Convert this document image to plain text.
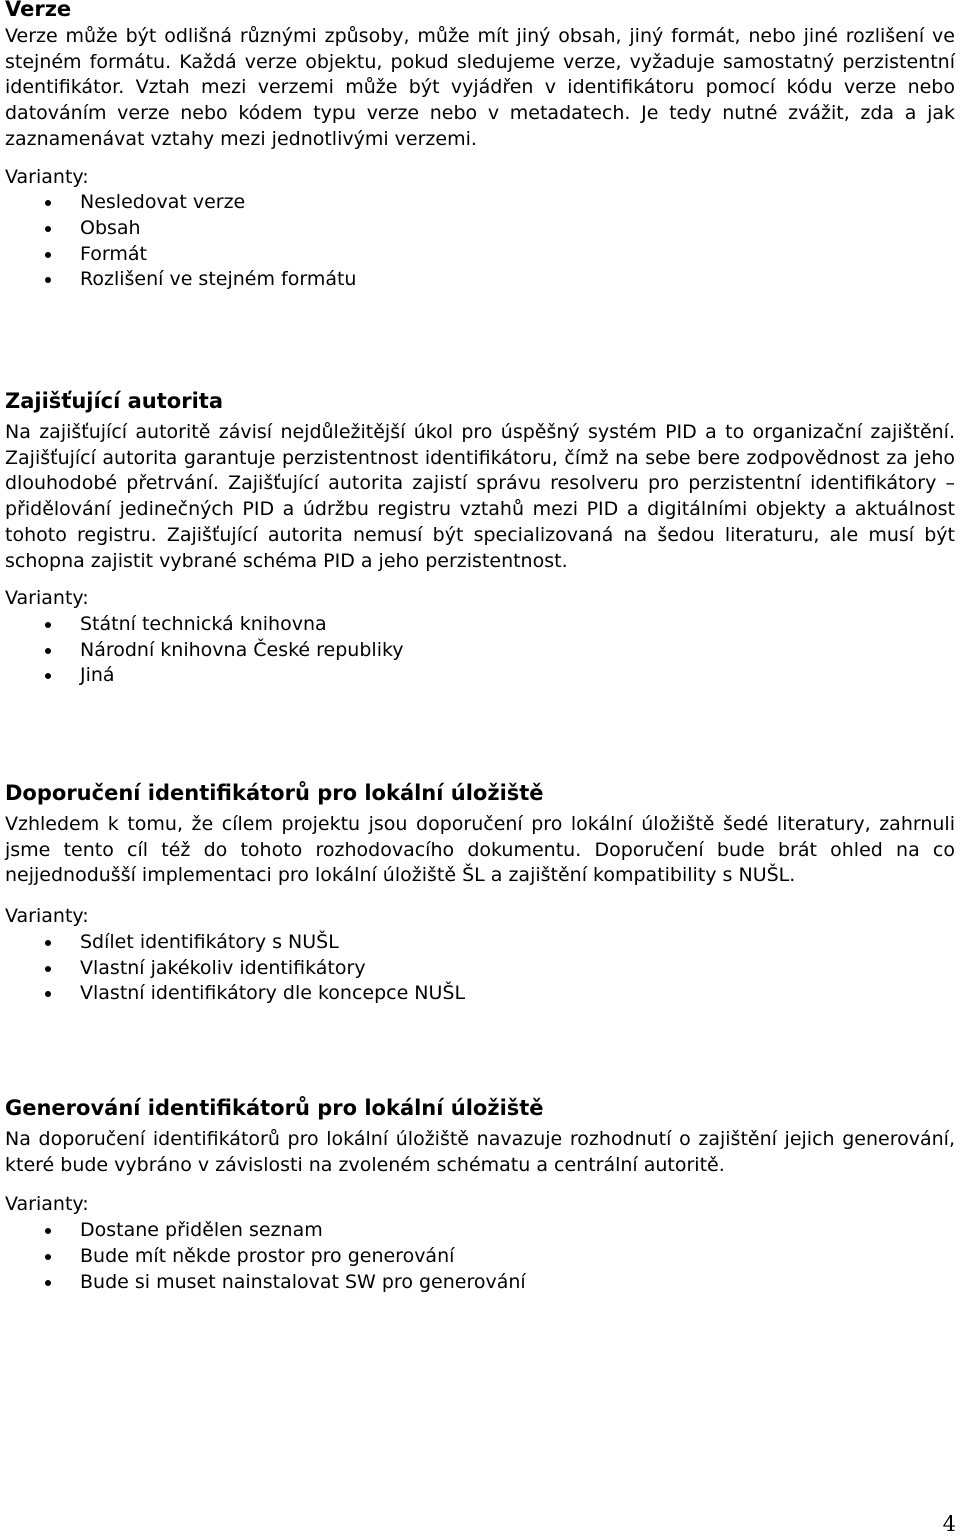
Verze

Verze může být odlišná různými způsoby, může mít jiný obsah, jiný formát, nebo jiné rozlišení ve stejném formátu. Každá verze objektu, pokud sledujeme verze, vyžaduje samostatný perzistentní identifikátor. Vztah mezi verzemi může být vyjádřen v identifikátoru pomocí kódu verze nebo datováním verze nebo kódem typu verze nebo v metadatech. Je tedy nutné zvážit, zda a jak zaznamenávat vztahy mezi jednotlivými verzemi.

Varianty:
Nesledovat verze
Obsah
Formát
Rozlišení ve stejném formátu
Zajišťující autorita

Na zajišťující autoritě závisí nejdůležitější úkol pro úspěšný systém PID a to organizační zajištění. Zajišťující autorita garantuje perzistentnost identifikátoru, čímž na sebe bere zodpovědnost za jeho dlouhodobé přetrvání. Zajišťující autorita zajistí správu resolveru pro perzistentní identifikátory – přidělování jedinečných PID a údržbu registru vztahů mezi PID a digitálními objekty a aktuálnost tohoto registru. Zajišťující autorita nemusí být specializovaná na šedou literaturu, ale musí být schopna zajistit vybrané schéma PID a jeho perzistentnost.

Varianty:
Státní technická knihovna
Národní knihovna České republiky
Jiná
Doporučení identifikátorů pro lokální úložiště

Vzhledem k tomu, že cílem projektu jsou doporučení pro lokální úložiště šedé literatury, zahrnuli jsme tento cíl též do tohoto rozhodovacího dokumentu. Doporučení bude brát ohled na co nejjednodušší implementaci pro lokální úložiště ŠL a zajištění kompatibility s NUŠL.

Varianty:
Sdílet identifikátory s NUŠL
Vlastní jakékoliv identifikátory
Vlastní identifikátory dle koncepce NUŠL
Generování identifikátorů pro lokální úložiště

Na doporučení identifikátorů pro lokální úložiště navazuje rozhodnutí o zajištění jejich generování, které bude vybráno v závislosti na zvoleném schématu a centrální autoritě.

Varianty:
Dostane přidělen seznam
Bude mít někde prostor pro generování
Bude si muset nainstalovat SW pro generování
4
